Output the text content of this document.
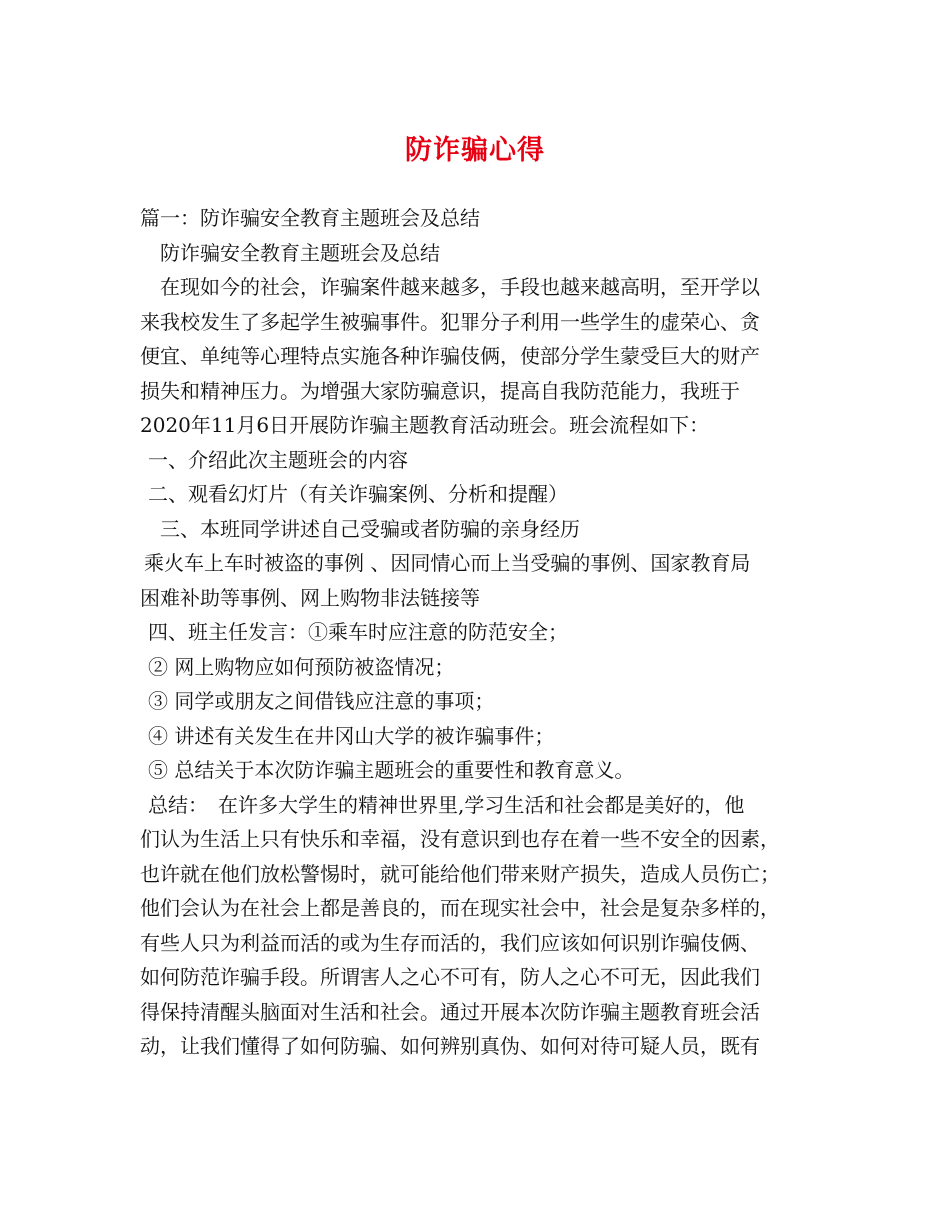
防诈骗心得
篇一：防诈骗安全教育主题班会及总结
防诈骗安全教育主题班会及总结
在现如今的社会，诈骗案件越来越多，手段也越来越高明，至开学以
来我校发生了多起学生被骗事件。犯罪分子利用一些学生的虚荣心、贪
便宜、单纯等心理特点实施各种诈骗伎俩，使部分学生蒙受巨大的财产
损失和精神压力。为增强大家防骗意识，提高自我防范能力，我班于
2020年11月6日开展防诈骗主题教育活动班会。班会流程如下：
一、介绍此次主题班会的内容
二、观看幻灯片（有关诈骗案例、分析和提醒）
三、本班同学讲述自己受骗或者防骗的亲身经历
乘火车上车时被盗的事例 、因同情心而上当受骗的事例、国家教育局
困难补助等事例、网上购物非法链接等
四、班主任发言：①乘车时应注意的防范安全；
② 网上购物应如何预防被盗情况；
③ 同学或朋友之间借钱应注意的事项；
④ 讲述有关发生在井冈山大学的被诈骗事件；
⑤ 总结关于本次防诈骗主题班会的重要性和教育意义。
总结：　在许多大学生的精神世界里,学习生活和社会都是美好的，他
们认为生活上只有快乐和幸福，没有意识到也存在着一些不安全的因素，
也许就在他们放松警惕时，就可能给他们带来财产损失，造成人员伤亡；
他们会认为在社会上都是善良的，而在现实社会中，社会是复杂多样的，
有些人只为利益而活的或为生存而活的，我们应该如何识别诈骗伎俩、
如何防范诈骗手段。所谓害人之心不可有，防人之心不可无，因此我们
得保持清醒头脑面对生活和社会。通过开展本次防诈骗主题教育班会活
动，让我们懂得了如何防骗、如何辨别真伪、如何对待可疑人员，既有
